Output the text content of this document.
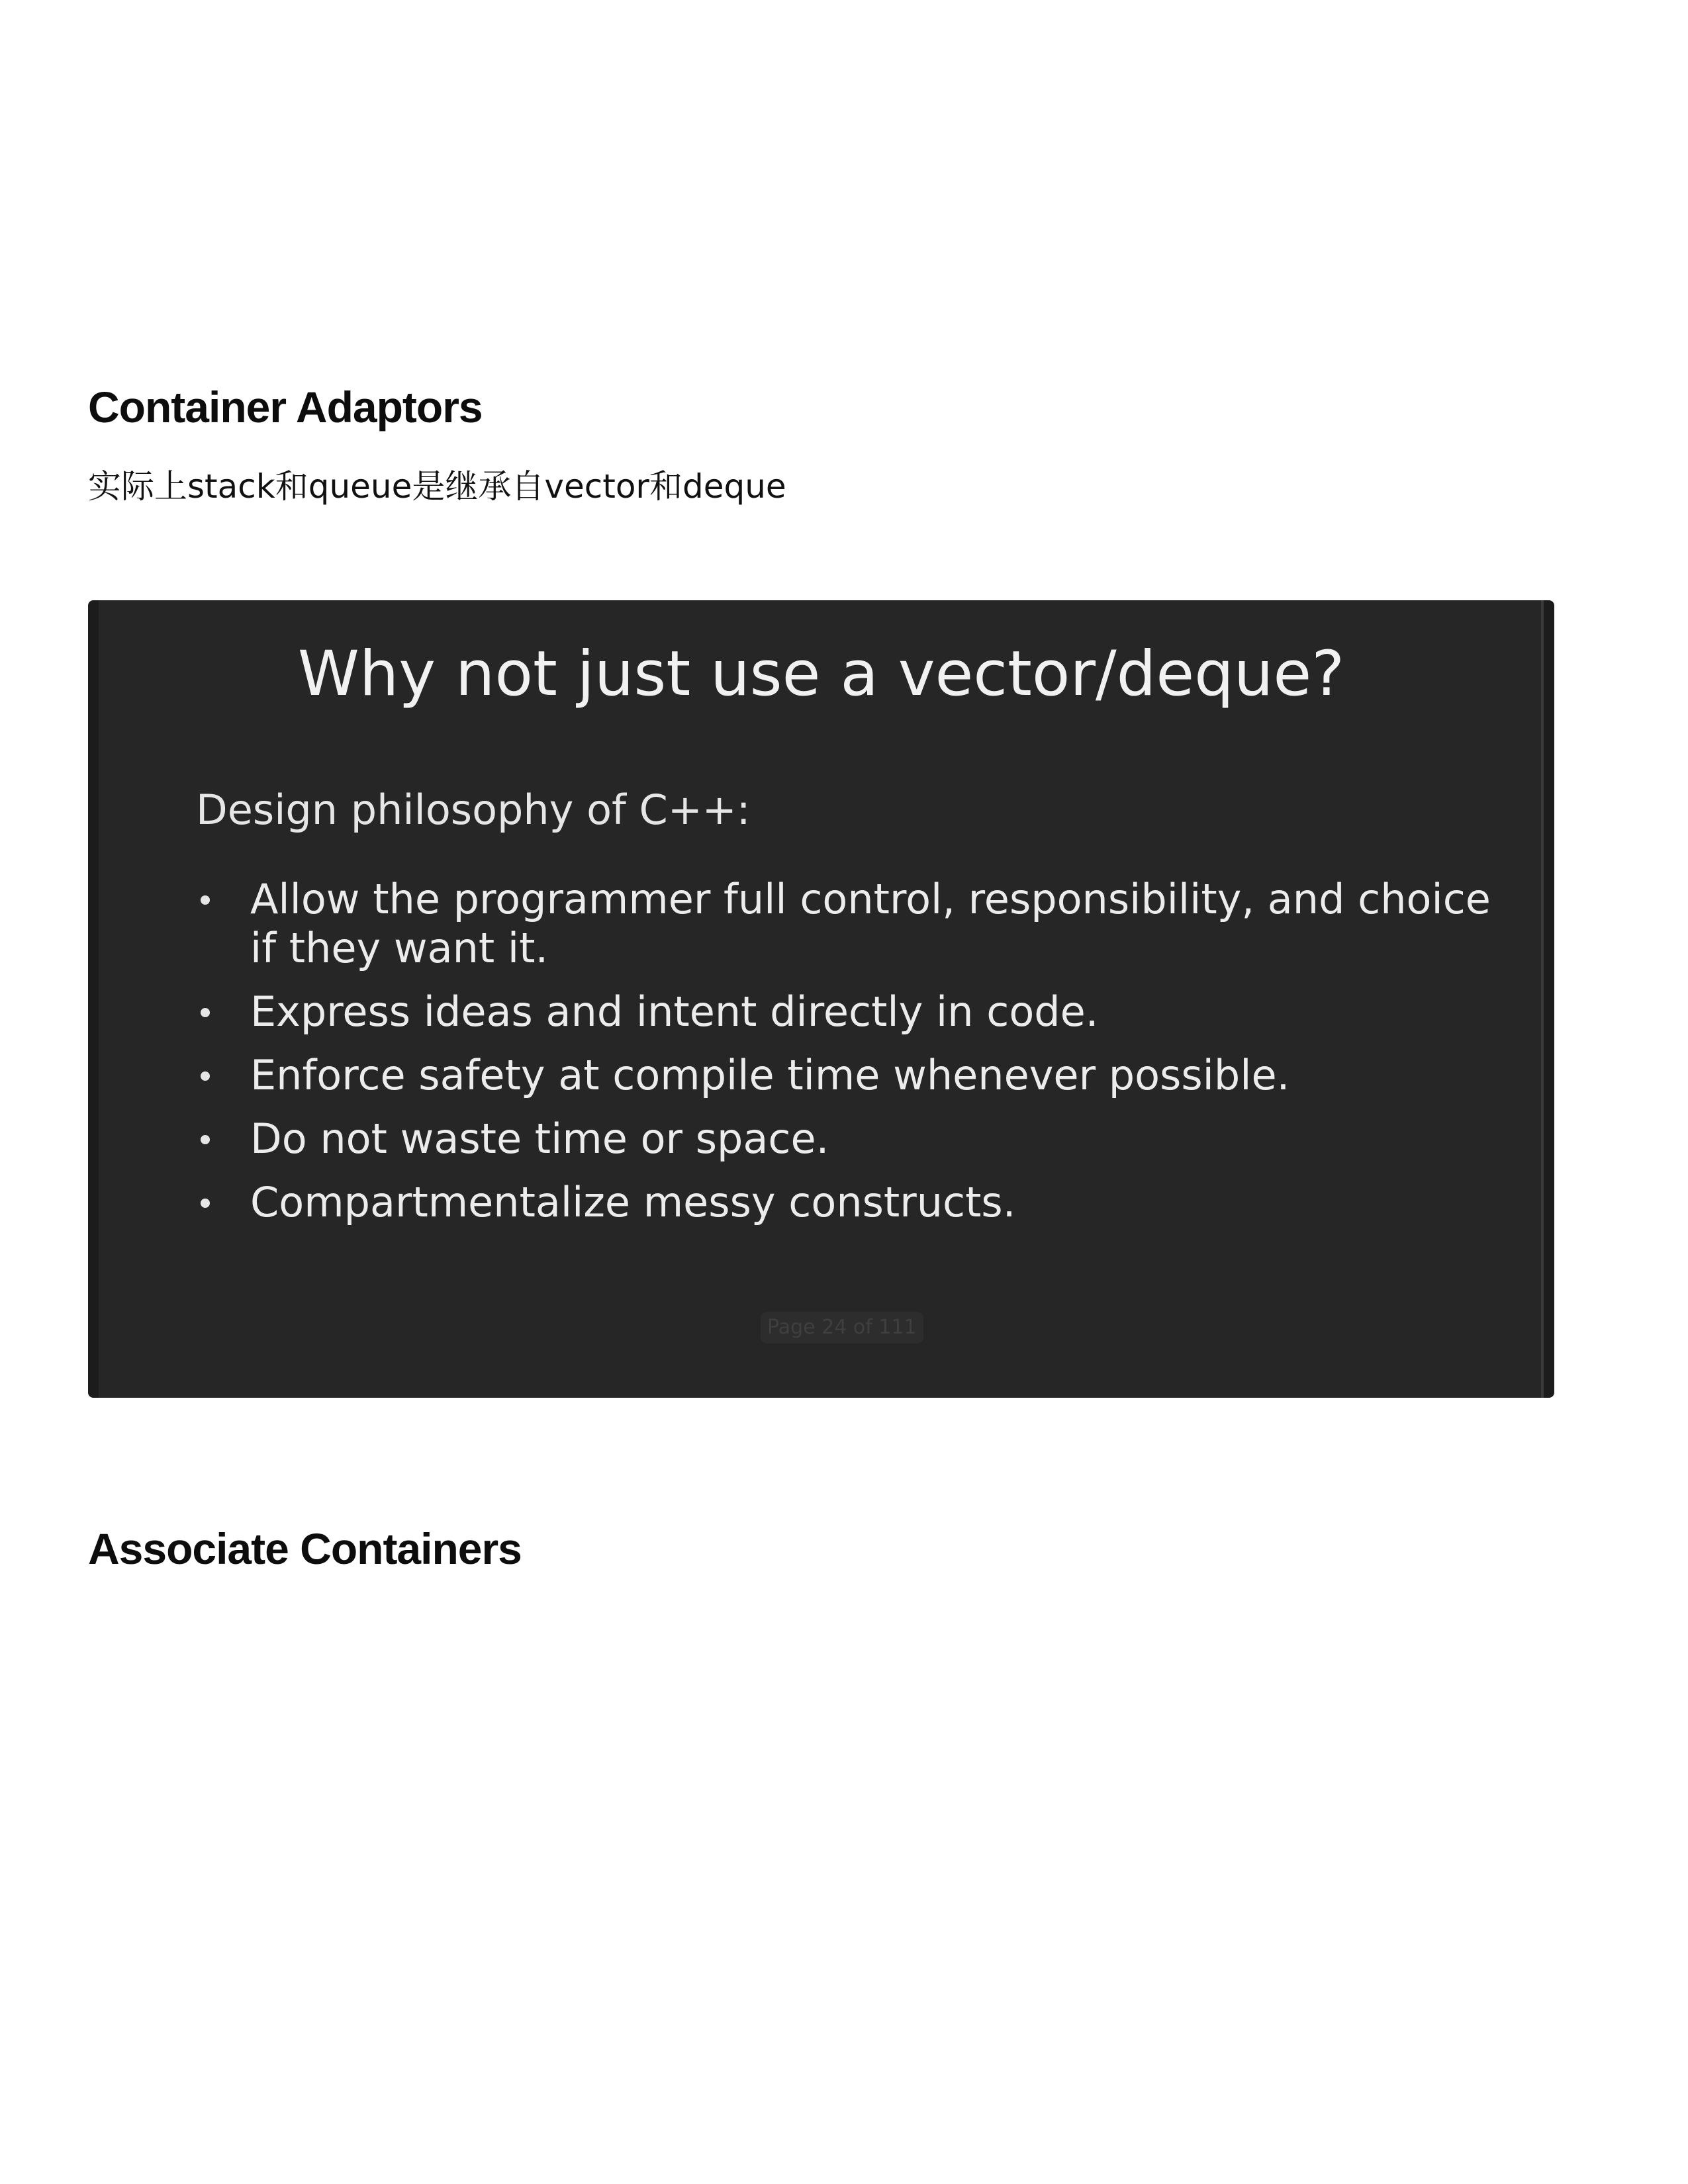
Container Adaptors

实际上stack和queue是继承自vector和deque

Why not just use a vector/deque?

Design philosophy of C++:

Allow the programmer full control, responsibility, and choice if they want it.
Express ideas and intent directly in code.
Enforce safety at compile time whenever possible.
Do not waste time or space.
Compartmentalize messy constructs.
Page 24 of 111
Associate Containers
